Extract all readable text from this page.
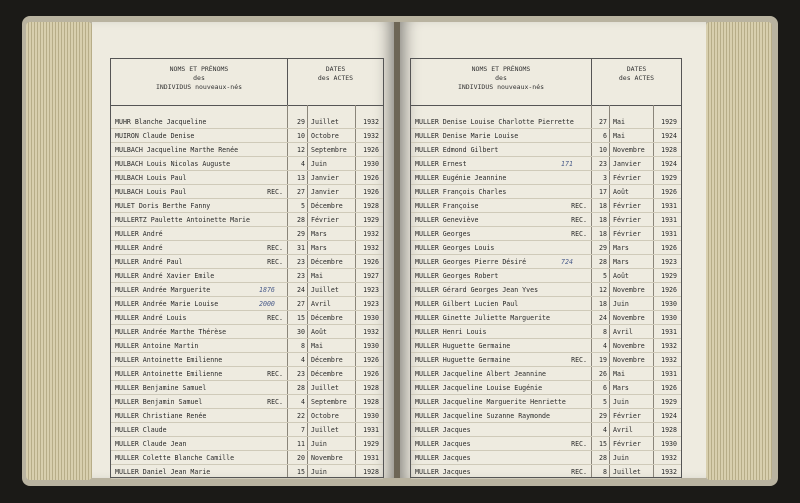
NOMS ET PRÉNOMS
des
INDIVIDUS nouveaux-nés
DATES
des ACTES
MUHR Blanche Jacqueline	29 Juillet	1932
MUIRON Claude Denise	10 Octobre	1932
MULBACH Jacqueline Marthe Renée	12 Septembre	1926
MULBACH Louis Nicolas Auguste	4 Juin	1930
MULBACH Louis Paul	13 Janvier	1926
MULBACH Louis Paul	REC.	27 Janvier	1926
MULET Doris Berthe Fanny	5 Décembre	1928
MULLERTZ Paulette Antoinette Marie	28 Février	1929
MULLER André	29 Mars	1932
MULLER André	REC.	31 Mars	1932
MULLER André Paul	REC.	23 Décembre	1926
MULLER André Xavier Emile	23 Mai	1927
MULLER Andrée Marguerite	1876	24 Juillet	1923
MULLER Andrée Marie Louise	2000	27 Avril	1923
MULLER André Louis	REC.	15 Décembre	1930
MULLER Andrée Marthe Thérèse	30 Août	1932
MULLER Antoine Martin	8 Mai	1930
MULLER Antoinette Emilienne	4 Décembre	1926
MULLER Antoinette Emilienne	REC.	23 Décembre	1926
MULLER Benjamine Samuel	28 Juillet	1928
MULLER Benjamin Samuel	REC.	4 Septembre	1928
MULLER Christiane Renée	22 Octobre	1930
MULLER Claude	7 Juillet	1931
MULLER Claude Jean	11 Juin	1929
MULLER Colette Blanche Camille	20 Novembre	1931
MULLER Daniel Jean Marie	15 Juin	1928
NOMS ET PRÉNOMS
des
INDIVIDUS nouveaux-nés
DATES
des ACTES
MULLER Denise Louise Charlotte Pierrette	27 Mai	1929
MULLER Denise Marie Louise	6 Mai	1924
MULLER Edmond Gilbert	10 Novembre	1928
MULLER Ernest	171	23 Janvier	1924
MULLER Eugénie Jeannine	3 Février	1929
MULLER François Charles	17 Août	1926
MULLER Françoise	REC.	18 Février	1931
MULLER Geneviève	REC.	18 Février	1931
MULLER Georges	REC.	18 Février	1931
MULLER Georges Louis	29 Mars	1926
MULLER Georges Pierre Désiré	724	28 Mars	1923
MULLER Georges Robert	5 Août	1929
MULLER Gérard Georges Jean Yves	12 Novembre	1926
MULLER Gilbert Lucien Paul	18 Juin	1930
MULLER Ginette Juliette Marguerite	24 Novembre	1930
MULLER Henri Louis	8 Avril	1931
MULLER Huguette Germaine	4 Novembre	1932
MULLER Huguette Germaine	REC.	19 Novembre	1932
MULLER Jacqueline Albert Jeannine	26 Mai	1931
MULLER Jacqueline Louise Eugénie	6 Mars	1926
MULLER Jacqueline Marguerite Henriette	5 Juin	1929
MULLER Jacqueline Suzanne Raymonde	29 Février	1924
MULLER Jacques	4 Avril	1928
MULLER Jacques	REC.	15 Février	1930
MULLER Jacques	28 Juin	1932
MULLER Jacques	REC.	8 Juillet	1932
